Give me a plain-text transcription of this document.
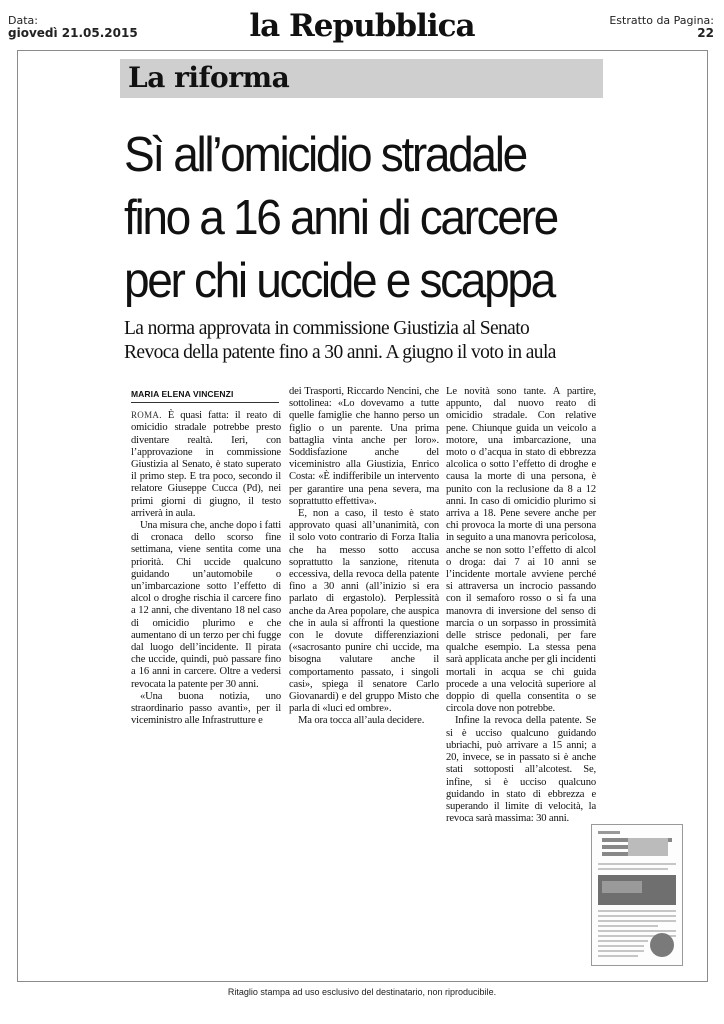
Data:
giovedì 21.05.2015	la Repubblica	Estratto da Pagina:
22
La riforma
Sì all’omicidio stradale
fino a 16 anni di carcere
per chi uccide e scappa
La norma approvata in commissione Giustizia al Senato
Revoca della patente fino a 30 anni. A giugno il voto in aula
MARIA ELENA VINCENZI

ROMA. È quasi fatta: il reato di omicidio stradale potrebbe presto diventare realtà. Ieri, con l’approvazione in commissione Giustizia al Senato, è stato superato il primo step. E tra poco, secondo il relatore Giuseppe Cucca (Pd), nei primi giorni di giugno, il testo arriverà in aula.

Una misura che, anche dopo i fatti di cronaca dello scorso fine settimana, viene sentita come una priorità. Chi uccide qualcuno guidando un’automobile o un’imbarcazione sotto l’effetto di alcol o droghe rischia il carcere fino a 12 anni, che diventano 18 nel caso di omicidio plurimo e che aumentano di un terzo per chi fugge dal luogo dell’incidente. Il pirata che uccide, quindi, può passare fino a 16 anni in carcere. Oltre a vedersi revocata la patente per 30 anni.

«Una buona notizia, uno straordinario passo avanti», per il viceministro alle Infrastrutture e

dei Trasporti, Riccardo Nencini, che sottolinea: «Lo dovevamo a tutte quelle famiglie che hanno perso un figlio o un parente. Una prima battaglia vinta anche per loro». Soddisfazione anche del viceministro alla Giustizia, Enrico Costa: «È indifferibile un intervento per garantire una pena severa, ma soprattutto effettiva».

E, non a caso, il testo è stato approvato quasi all’unanimità, con il solo voto contrario di Forza Italia che ha messo sotto accusa soprattutto la sanzione, ritenuta eccessiva, della revoca della patente fino a 30 anni (all’inizio si era parlato di ergastolo). Perplessità anche da Area popolare, che auspica che in aula si affronti la questione con le dovute differenziazioni («sacrosanto punire chi uccide, ma bisogna valutare anche il comportamento passato, i singoli casi», spiega il senatore Carlo Giovanardi) e del gruppo Misto che parla di «luci ed ombre».

Ma ora tocca all’aula decidere.

Le novità sono tante. A partire, appunto, dal nuovo reato di omicidio stradale. Con relative pene. Chiunque guida un veicolo a motore, una imbarcazione, una moto o d’acqua in stato di ebbrezza alcolica o sotto l’effetto di droghe e causa la morte di una persona, è punito con la reclusione da 8 a 12 anni. In caso di omicidio plurimo si arriva a 18. Pene severe anche per chi provoca la morte di una persona in seguito a una manovra pericolosa, anche se non sotto l’effetto di alcol o droga: dai 7 ai 10 anni se l’incidente mortale avviene perché si attraversa un incrocio passando con il semaforo rosso o si fa una manovra di inversione del senso di marcia o un sorpasso in prossimità delle strisce pedonali, per fare qualche esempio. La stessa pena sarà applicata anche per gli incidenti mortali in acqua se chi guida procede a una velocità superiore al doppio di quella consentita o se circola dove non potrebbe.

Infine la revoca della patente. Se si è ucciso qualcuno guidando ubriachi, può arrivare a 15 anni; a 20, invece, se in passato si è anche stati sottoposti all’alcotest. Se, infine, si è ucciso qualcuno guidando in stato di ebbrezza e superando il limite di velocità, la revoca sarà massima: 30 anni.

Ritaglio stampa ad uso esclusivo del destinatario, non riproducibile.
